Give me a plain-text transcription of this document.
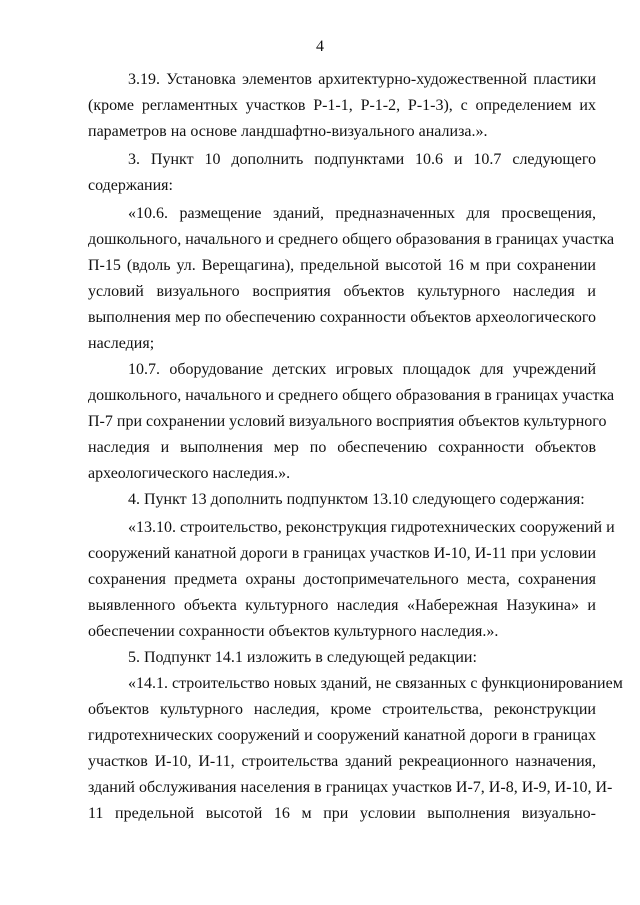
4
3.19. Установка элементов архитектурно-художественной пластики
(кроме регламентных участков Р-1-1, Р-1-2, Р-1-3), с определением их
параметров на основе ландшафтно-визуального анализа.».
3. Пункт 10 дополнить подпунктами 10.6 и 10.7 следующего
содержания:
«10.6. размещение зданий, предназначенных для просвещения,
дошкольного, начального и среднего общего образования в границах участка
П-15 (вдоль ул. Верещагина), предельной высотой 16 м при сохранении
условий визуального восприятия объектов культурного наследия и
выполнения мер по обеспечению сохранности объектов археологического
наследия;
10.7. оборудование детских игровых площадок для учреждений
дошкольного, начального и среднего общего образования в границах участка
П-7 при сохранении условий визуального восприятия объектов культурного
наследия и выполнения мер по обеспечению сохранности объектов
археологического наследия.».
4. Пункт 13 дополнить подпунктом 13.10 следующего содержания:
«13.10. строительство, реконструкция гидротехнических сооружений и
сооружений канатной дороги в границах участков И-10, И-11 при условии
сохранения предмета охраны достопримечательного места, сохранения
выявленного объекта культурного наследия «Набережная Назукина» и
обеспечении сохранности объектов культурного наследия.».
5. Подпункт 14.1 изложить в следующей редакции:
«14.1. строительство новых зданий, не связанных с функционированием
объектов культурного наследия, кроме строительства, реконструкции
гидротехнических сооружений и сооружений канатной дороги в границах
участков И-10, И-11, строительства зданий рекреационного назначения,
зданий обслуживания населения в границах участков И-7, И-8, И-9, И-10, И-
11 предельной высотой 16 м при условии выполнения визуально-
